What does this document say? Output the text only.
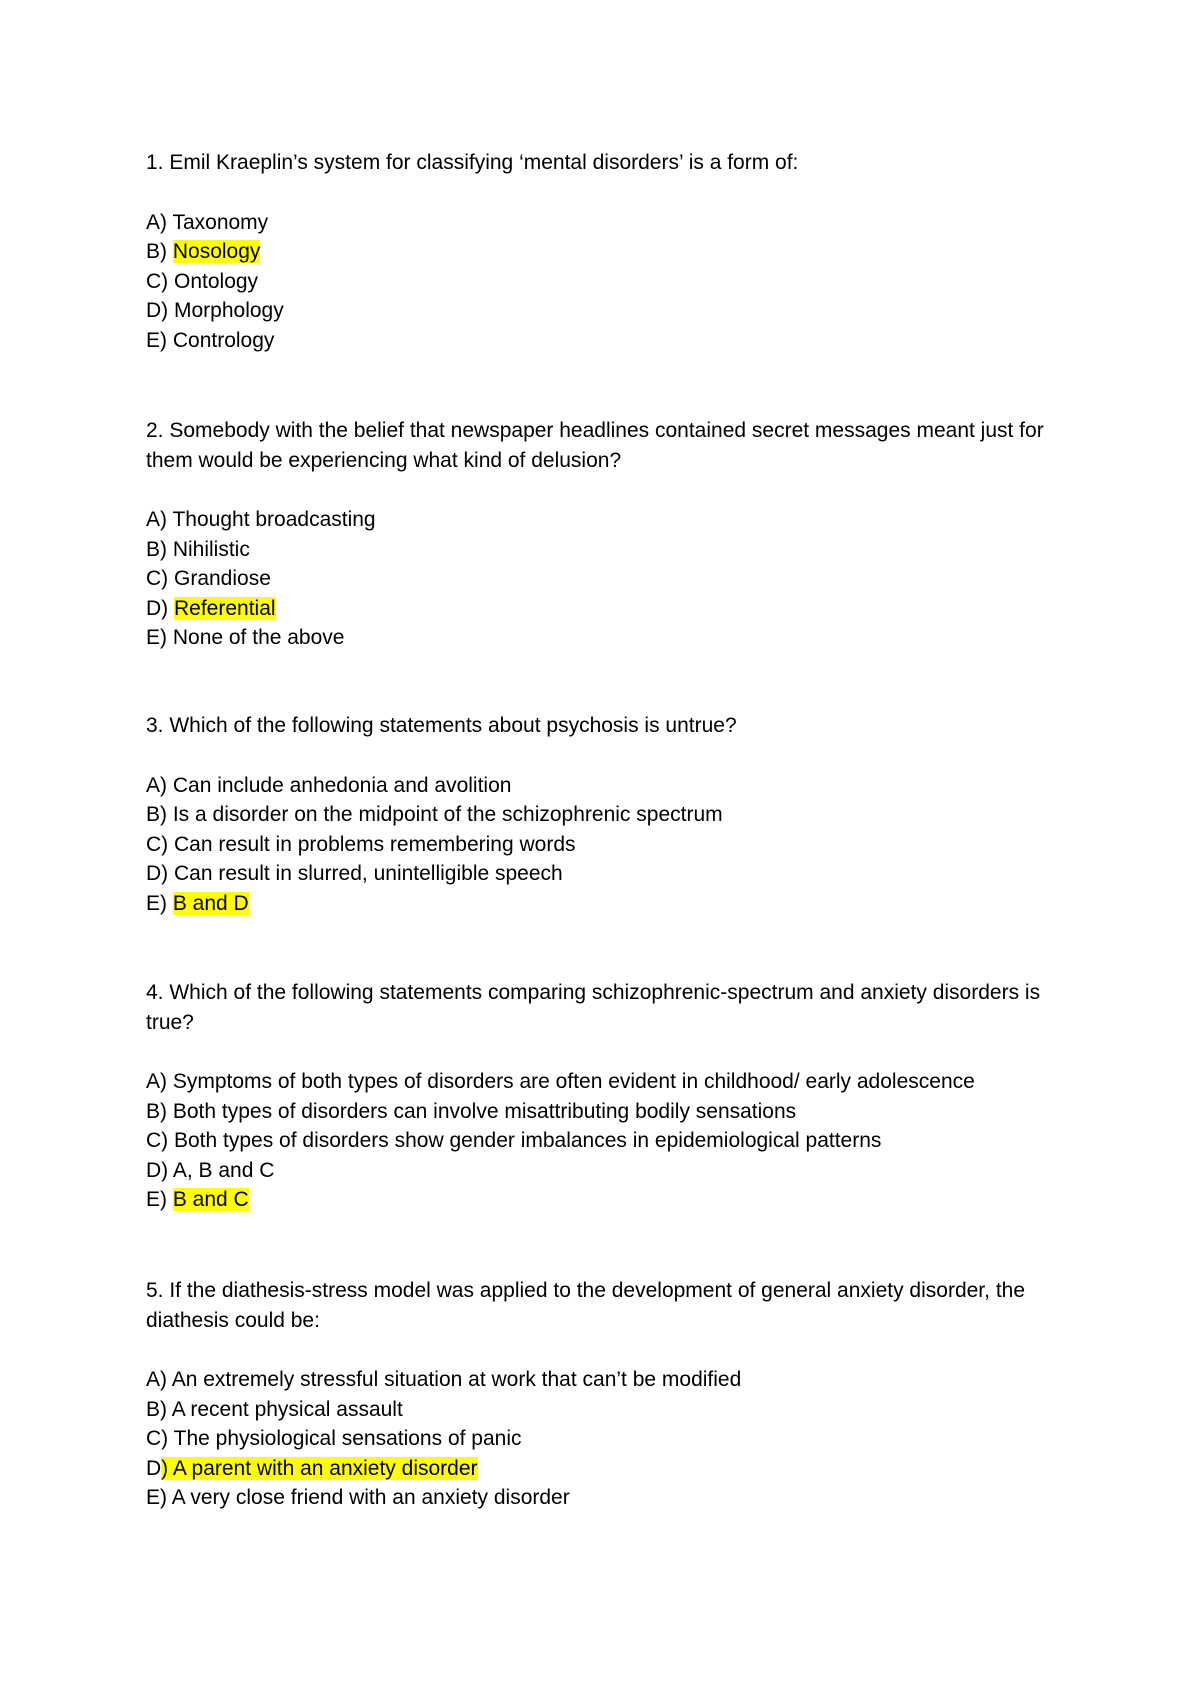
1. Emil Kraeplin’s system for classifying ‘mental disorders’ is a form of:

A) Taxonomy
B) Nosology
C) Ontology
D) Morphology
E) Contrology

2. Somebody with the belief that newspaper headlines contained secret messages meant just for them would be experiencing what kind of delusion?

A) Thought broadcasting
B) Nihilistic
C) Grandiose
D) Referential
E) None of the above

3. Which of the following statements about psychosis is untrue?

A) Can include anhedonia and avolition
B) Is a disorder on the midpoint of the schizophrenic spectrum
C) Can result in problems remembering words
D) Can result in slurred, unintelligible speech
E) B and D

4. Which of the following statements comparing schizophrenic-spectrum and anxiety disorders is true?

A) Symptoms of both types of disorders are often evident in childhood/ early adolescence
B) Both types of disorders can involve misattributing bodily sensations
C) Both types of disorders show gender imbalances in epidemiological patterns
D) A, B and C
E) B and C

5. If the diathesis-stress model was applied to the development of general anxiety disorder, the diathesis could be:

A) An extremely stressful situation at work that can’t be modified
B) A recent physical assault
C) The physiological sensations of panic
D) A parent with an anxiety disorder
E) A very close friend with an anxiety disorder
